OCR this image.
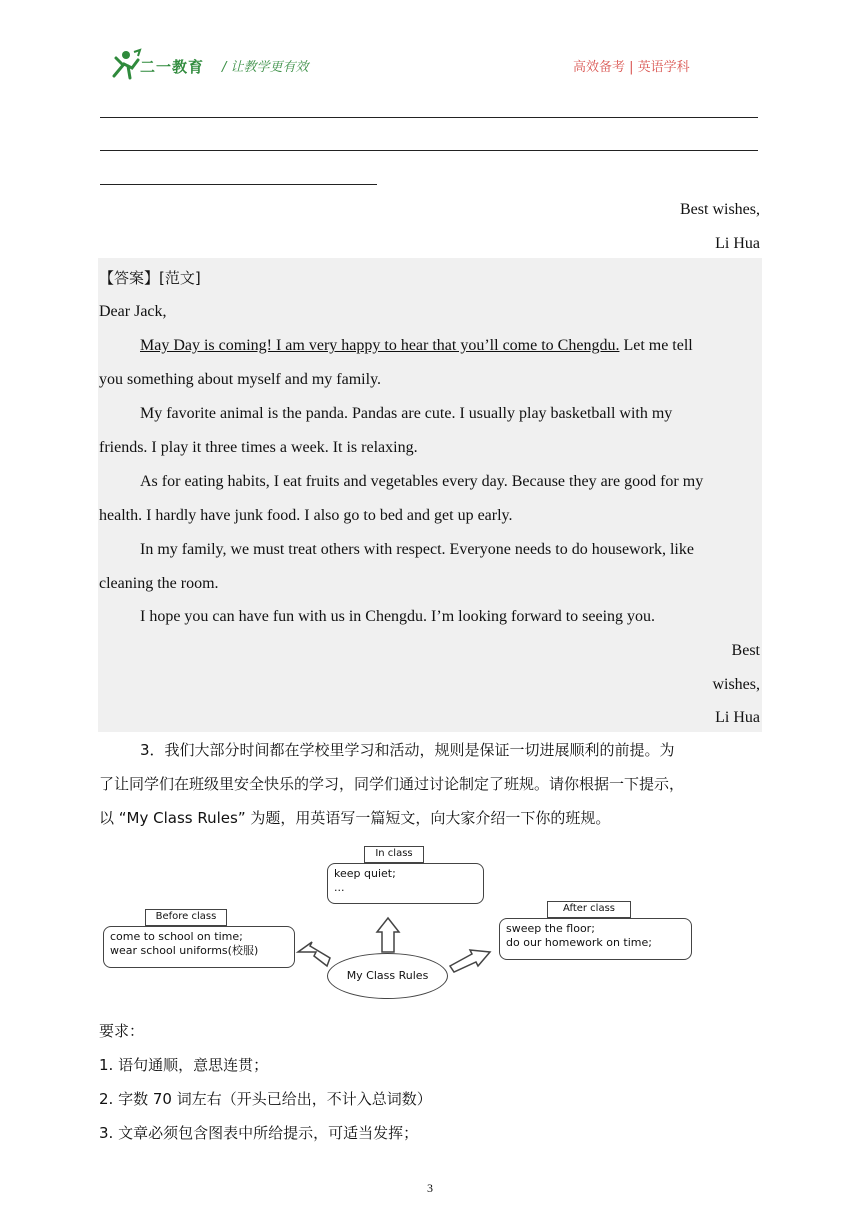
二一教育 / 让教学更有效	高效备考 | 英语学科
Best wishes,
Li Hua
【答案】[范文]
Dear Jack,
May Day is coming! I am very happy to hear that you’ll come to Chengdu. Let me tell
you something about myself and my family.
My favorite animal is the panda. Pandas are cute. I usually play basketball with my
friends. I play it three times a week. It is relaxing.
As for eating habits, I eat fruits and vegetables every day. Because they are good for my
health. I hardly have junk food. I also go to bed and get up early.
In my family, we must treat others with respect. Everyone needs to do housework, like
cleaning the room.
I hope you can have fun with us in Chengdu. I’m looking forward to seeing you.
Best
wishes,
Li Hua
3．我们大部分时间都在学校里学习和活动，规则是保证一切进展顺利的前提。为
了让同学们在班级里安全快乐的学习，同学们通过讨论制定了班规。请你根据一下提示，
以 “My Class Rules” 为题，用英语写一篇短文，向大家介绍一下你的班规。
In class
keep quiet;
...
Before class
come to school on time;
wear school uniforms(校服)
After class
sweep the floor;
do our homework on time;
My Class Rules
要求：
1. 语句通顺，意思连贯；
2. 字数 70 词左右（开头已给出，不计入总词数）
3. 文章必须包含图表中所给提示，可适当发挥；
3
